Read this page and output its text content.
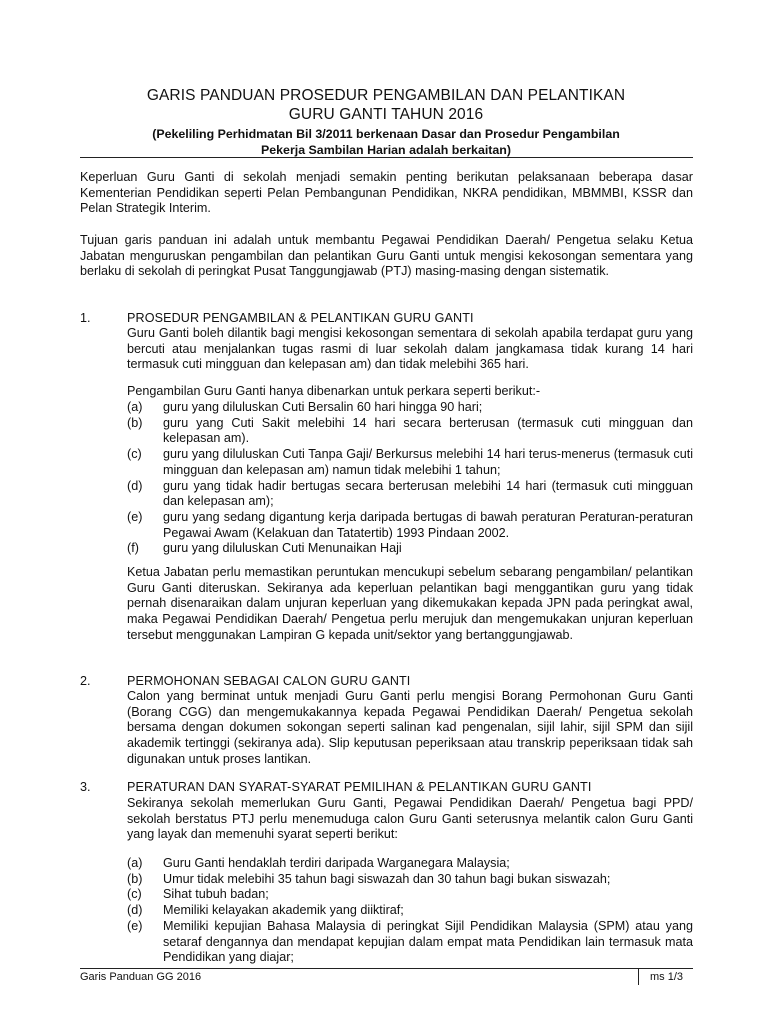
GARIS PANDUAN PROSEDUR PENGAMBILAN DAN PELANTIKAN
GURU GANTI TAHUN 2016
(Pekeliling Perhidmatan Bil 3/2011 berkenaan Dasar dan Prosedur Pengambilan
Pekerja Sambilan Harian adalah berkaitan)
Keperluan Guru Ganti di sekolah menjadi semakin penting berikutan pelaksanaan beberapa dasar Kementerian Pendidikan seperti Pelan Pembangunan Pendidikan, NKRA pendidikan, MBMMBI, KSSR dan Pelan Strategik Interim.
Tujuan garis panduan ini adalah untuk membantu Pegawai Pendidikan Daerah/ Pengetua selaku Ketua Jabatan menguruskan pengambilan dan pelantikan Guru Ganti untuk mengisi kekosongan sementara yang berlaku di sekolah di peringkat Pusat Tanggungjawab (PTJ) masing-masing dengan sistematik.
1.	PROSEDUR PENGAMBILAN & PELANTIKAN GURU GANTI
Guru Ganti boleh dilantik bagi mengisi kekosongan sementara di sekolah apabila terdapat guru yang bercuti atau menjalankan tugas rasmi di luar sekolah dalam jangkamasa tidak kurang 14 hari termasuk cuti mingguan dan kelepasan am) dan tidak melebihi 365 hari.
Pengambilan Guru Ganti hanya dibenarkan untuk perkara seperti berikut:-
(a) guru yang diluluskan Cuti Bersalin 60 hari hingga 90 hari;
(b) guru yang Cuti Sakit melebihi 14 hari secara berterusan (termasuk cuti mingguan dan kelepasan am).
(c) guru yang diluluskan Cuti Tanpa Gaji/ Berkursus melebihi 14 hari terus-menerus (termasuk cuti mingguan dan kelepasan am) namun tidak melebihi 1 tahun;
(d) guru yang tidak hadir bertugas secara berterusan melebihi 14 hari (termasuk cuti mingguan dan kelepasan am);
(e) guru yang sedang digantung kerja daripada bertugas di bawah peraturan Peraturan-peraturan Pegawai Awam (Kelakuan dan Tatatertib) 1993 Pindaan 2002.
(f) guru yang diluluskan Cuti Menunaikan Haji
Ketua Jabatan perlu memastikan peruntukan mencukupi sebelum sebarang pengambilan/ pelantikan Guru Ganti diteruskan. Sekiranya ada keperluan pelantikan bagi menggantikan guru yang tidak pernah disenaraikan dalam unjuran keperluan yang dikemukakan kepada JPN pada peringkat awal, maka Pegawai Pendidikan Daerah/ Pengetua perlu merujuk dan mengemukakan unjuran keperluan tersebut menggunakan Lampiran G kepada unit/sektor yang bertanggungjawab.
2.	PERMOHONAN SEBAGAI CALON GURU GANTI
Calon yang berminat untuk menjadi Guru Ganti perlu mengisi Borang Permohonan Guru Ganti (Borang CGG) dan mengemukakannya kepada Pegawai Pendidikan Daerah/ Pengetua sekolah bersama dengan dokumen sokongan seperti salinan kad pengenalan, sijil lahir, sijil SPM dan sijil akademik tertinggi (sekiranya ada). Slip keputusan peperiksaan atau transkrip peperiksaan tidak sah digunakan untuk proses lantikan.
3.	PERATURAN DAN SYARAT-SYARAT PEMILIHAN & PELANTIKAN GURU GANTI
Sekiranya sekolah memerlukan Guru Ganti, Pegawai Pendidikan Daerah/ Pengetua bagi PPD/ sekolah berstatus PTJ perlu menemuduga calon Guru Ganti seterusnya melantik calon Guru Ganti yang layak dan memenuhi syarat seperti berikut:
(a) Guru Ganti hendaklah terdiri daripada Warganegara Malaysia;
(b) Umur tidak melebihi 35 tahun bagi siswazah dan 30 tahun bagi bukan siswazah;
(c) Sihat tubuh badan;
(d) Memiliki kelayakan akademik yang diiktiraf;
(e) Memiliki kepujian Bahasa Malaysia di peringkat Sijil Pendidikan Malaysia (SPM) atau yang setaraf dengannya dan mendapat kepujian dalam empat mata Pendidikan lain termasuk mata Pendidikan yang diajar;
Garis Panduan GG 2016	ms 1/3
